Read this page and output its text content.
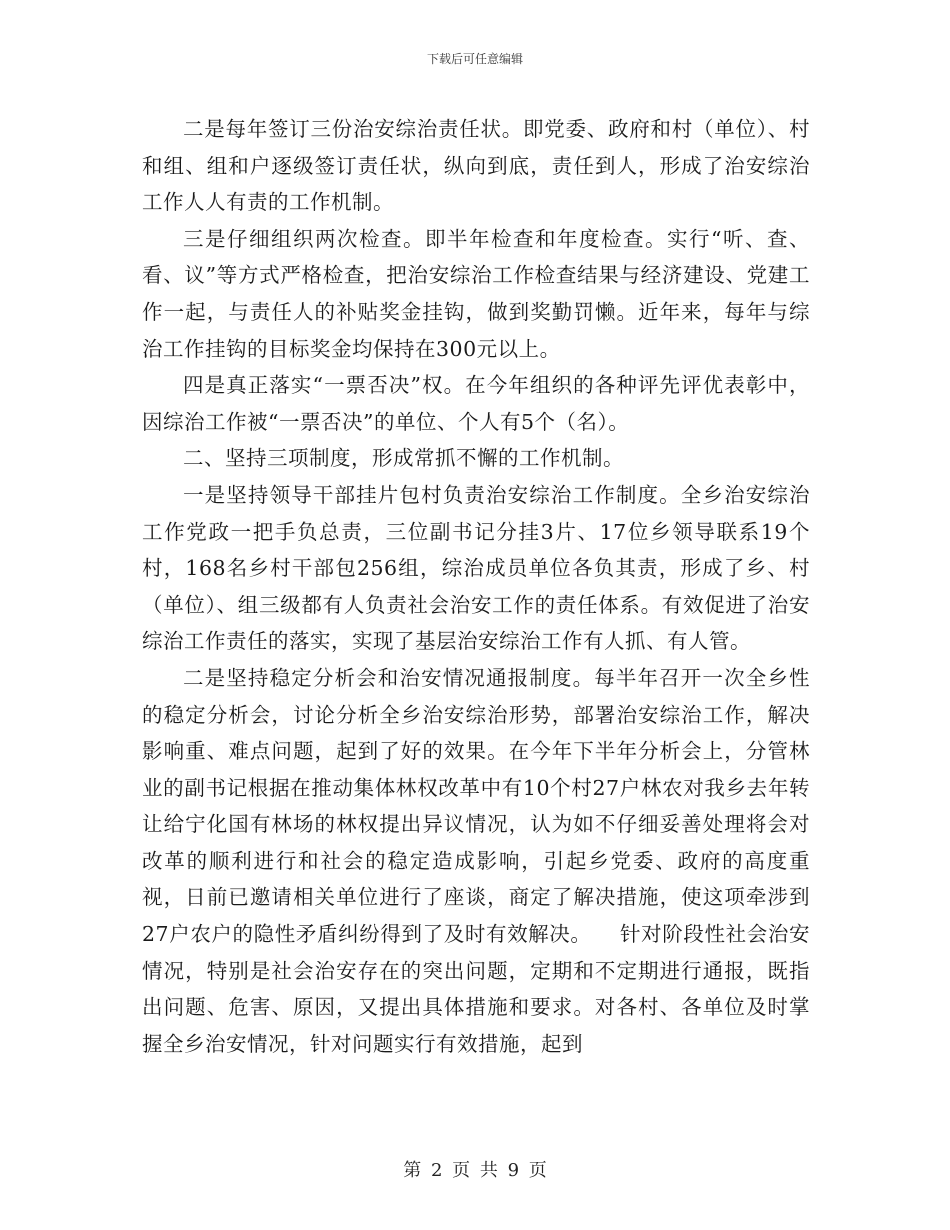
下载后可任意编辑

二是每年签订三份治安综治责任状。即党委、政府和村（单位）、村和组、组和户逐级签订责任状，纵向到底，责任到人，形成了治安综治工作人人有责的工作机制。

三是仔细组织两次检查。即半年检查和年度检查。实行“听、查、看、议”等方式严格检查，把治安综治工作检查结果与经济建设、党建工作一起，与责任人的补贴奖金挂钩，做到奖勤罚懒。近年来，每年与综治工作挂钩的目标奖金均保持在300元以上。

四是真正落实“一票否决”权。在今年组织的各种评先评优表彰中，因综治工作被“一票否决”的单位、个人有5个（名）。

二、坚持三项制度，形成常抓不懈的工作机制。

一是坚持领导干部挂片包村负责治安综治工作制度。全乡治安综治工作党政一把手负总责，三位副书记分挂3片、17位乡领导联系19个村，168名乡村干部包256组，综治成员单位各负其责，形成了乡、村（单位）、组三级都有人负责社会治安工作的责任体系。有效促进了治安综治工作责任的落实，实现了基层治安综治工作有人抓、有人管。

二是坚持稳定分析会和治安情况通报制度。每半年召开一次全乡性的稳定分析会，讨论分析全乡治安综治形势，部署治安综治工作，解决影响重、难点问题，起到了好的效果。在今年下半年分析会上，分管林业的副书记根据在推动集体林权改革中有10个村27户林农对我乡去年转让给宁化国有林场的林权提出异议情况，认为如不仔细妥善处理将会对改革的顺利进行和社会的稳定造成影响，引起乡党委、政府的高度重视，日前已邀请相关单位进行了座谈，商定了解决措施，使这项牵涉到27户农户的隐性矛盾纠纷得到了及时有效解决。    针对阶段性社会治安情况，特别是社会治安存在的突出问题，定期和不定期进行通报，既指出问题、危害、原因，又提出具体措施和要求。对各村、各单位及时掌握全乡治安情况，针对问题实行有效措施，起到

第 2 页 共 9 页
